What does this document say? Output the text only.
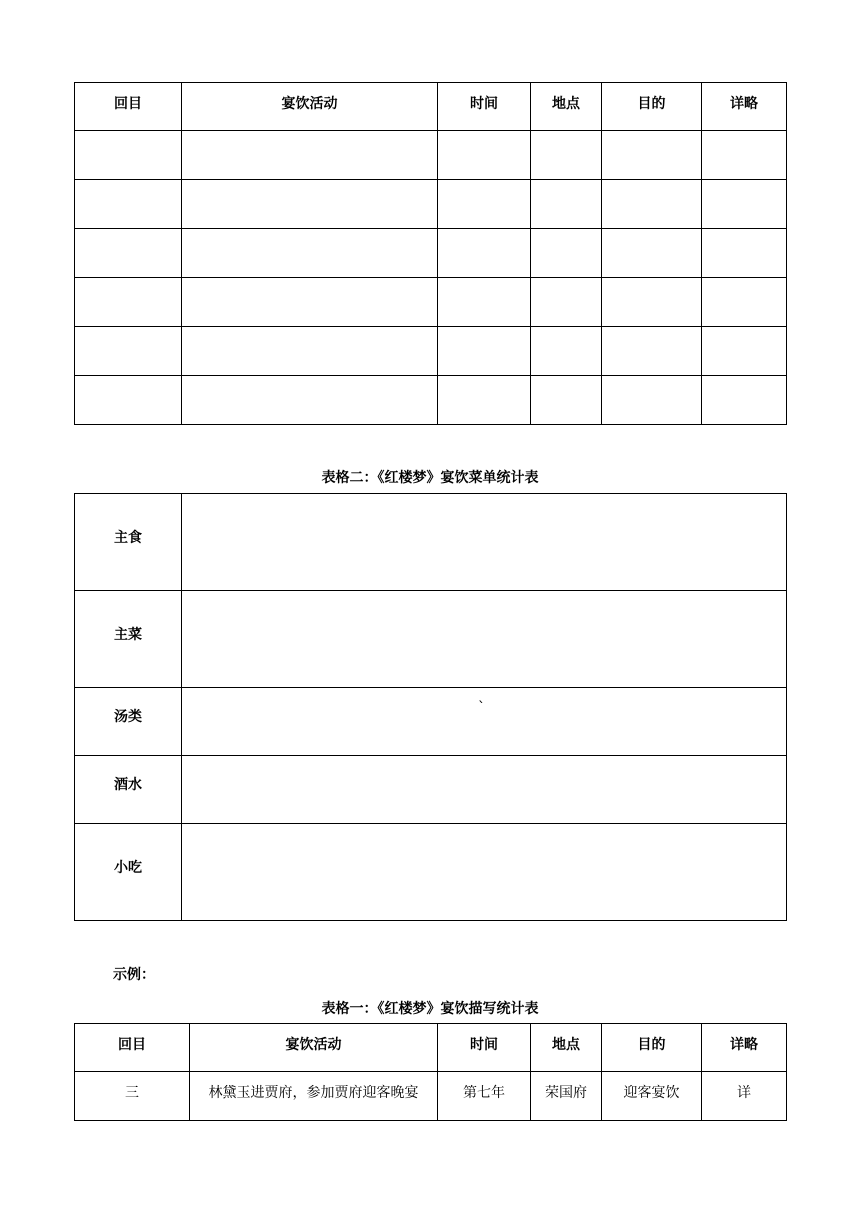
回目	宴饮活动	时间	地点	目的	详略

表格二：《红楼梦》宴饮菜单统计表
主食	
主菜	
汤类	
酒水	
小吃	
`
示例：
表格一：《红楼梦》宴饮描写统计表
回目	宴饮活动	时间	地点	目的	详略
三	林黛玉进贾府，参加贾府迎客晚宴	第七年	荣国府	迎客宴饮	详
